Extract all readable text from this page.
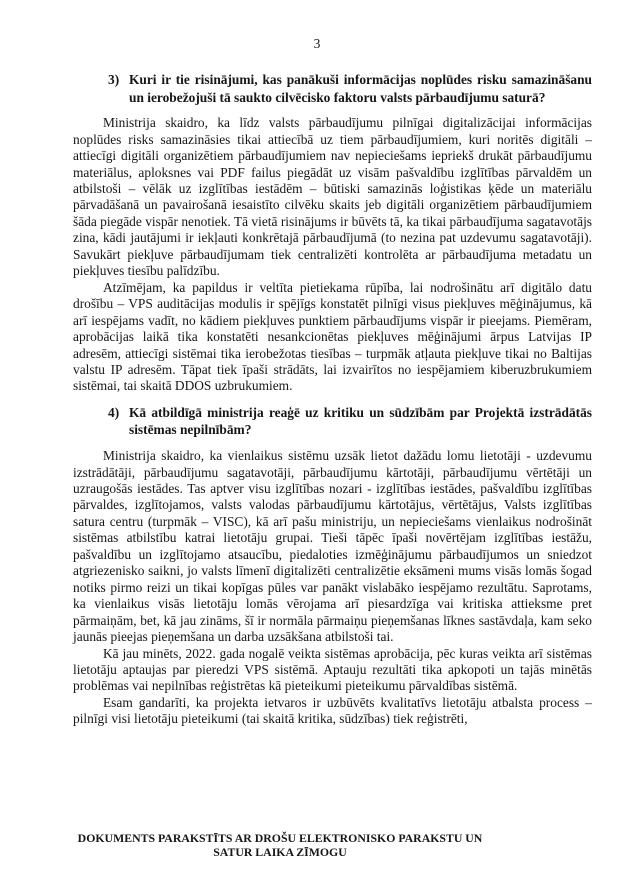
3
3) Kuri ir tie risinājumi, kas panākuši informācijas noplūdes risku samazināšanu un ierobežojuši tā saukto cilvēcisko faktoru valsts pārbaudījumu saturā?

Ministrija skaidro, ka līdz valsts pārbaudījumu pilnīgai digitalizācijai informācijas noplūdes risks samazināsies tikai attiecībā uz tiem pārbaudījumiem, kuri noritēs digitāli – attiecīgi digitāli organizētiem pārbaudījumiem nav nepieciešams iepriekš drukāt pārbaudījumu materiālus, aploksnes vai PDF failus piegādāt uz visām pašvaldību izglītības pārvaldēm un atbilstoši – vēlāk uz izglītības iestādēm – būtiski samazinās loģistikas ķēde un materiālu pārvadāšanā un pavairošanā iesaistīto cilvēku skaits jeb digitāli organizētiem pārbaudījumiem šāda piegāde vispār nenotiek. Tā vietā risinājums ir būvēts tā, ka tikai pārbaudījuma sagatavotājs zina, kādi jautājumi ir iekļauti konkrētajā pārbaudījumā (to nezina pat uzdevumu sagatavotāji). Savukārt piekļuve pārbaudījumam tiek centralizēti kontrolēta ar pārbaudījuma metadatu un piekļuves tiesību palīdzību.

Atzīmējam, ka papildus ir veltīta pietiekama rūpība, lai nodrošinātu arī digitālo datu drošību – VPS auditācijas modulis ir spējīgs konstatēt pilnīgi visus piekļuves mēģinājumus, kā arī iespējams vadīt, no kādiem piekļuves punktiem pārbaudījums vispār ir pieejams. Piemēram, aprobācijas laikā tika konstatēti nesankcionētas piekļuves mēģinājumi ārpus Latvijas IP adresēm, attiecīgi sistēmai tika ierobežotas tiesības – turpmāk atļauta piekļuve tikai no Baltijas valstu IP adresēm. Tāpat tiek īpaši strādāts, lai izvairītos no iespējamiem kiberuzbrukumiem sistēmai, tai skaitā DDOS uzbrukumiem.

4) Kā atbildīgā ministrija reaģē uz kritiku un sūdzībām par Projektā izstrādātās sistēmas nepilnībām?

Ministrija skaidro, ka vienlaikus sistēmu uzsāk lietot dažādu lomu lietotāji - uzdevumu izstrādātāji, pārbaudījumu sagatavotāji, pārbaudījumu kārtotāji, pārbaudījumu vērtētāji un uzraugošās iestādes. Tas aptver visu izglītības nozari - izglītības iestādes, pašvaldību izglītības pārvaldes, izglītojamos, valsts valodas pārbaudījumu kārtotājus, vērtētājus, Valsts izglītības satura centru (turpmāk – VISC), kā arī pašu ministriju, un nepieciešams vienlaikus nodrošināt sistēmas atbilstību katrai lietotāju grupai. Tieši tāpēc īpaši novērtējam izglītības iestāžu, pašvaldību un izglītojamo atsaucību, piedaloties izmēģinājumu pārbaudījumos un sniedzot atgriezenisko saikni, jo valsts līmenī digitalizēti centralizētie eksāmeni mums visās lomās šogad notiks pirmo reizi un tikai kopīgas pūles var panākt vislabāko iespējamo rezultātu. Saprotams, ka vienlaikus visās lietotāju lomās vērojama arī piesardzīga vai kritiska attieksme pret pārmaiņām, bet, kā jau zināms, šī ir normāla pārmaiņu pieņemšanas līknes sastāvdaļa, kam seko jaunās pieejas pieņemšana un darba uzsākšana atbilstoši tai.

Kā jau minēts, 2022. gada nogalē veikta sistēmas aprobācija, pēc kuras veikta arī sistēmas lietotāju aptaujas par pieredzi VPS sistēmā. Aptauju rezultāti tika apkopoti un tajās minētās problēmas vai nepilnības reģistrētas kā pieteikumi pieteikumu pārvaldības sistēmā.

Esam gandarīti, ka projekta ietvaros ir uzbūvēts kvalitatīvs lietotāju atbalsta process – pilnīgi visi lietotāju pieteikumi (tai skaitā kritika, sūdzības) tiek reģistrēti,

DOKUMENTS PARAKSTĪTS AR DROŠU ELEKTRONISKO PARAKSTU UN
SATUR LAIKA ZĪMOGU
